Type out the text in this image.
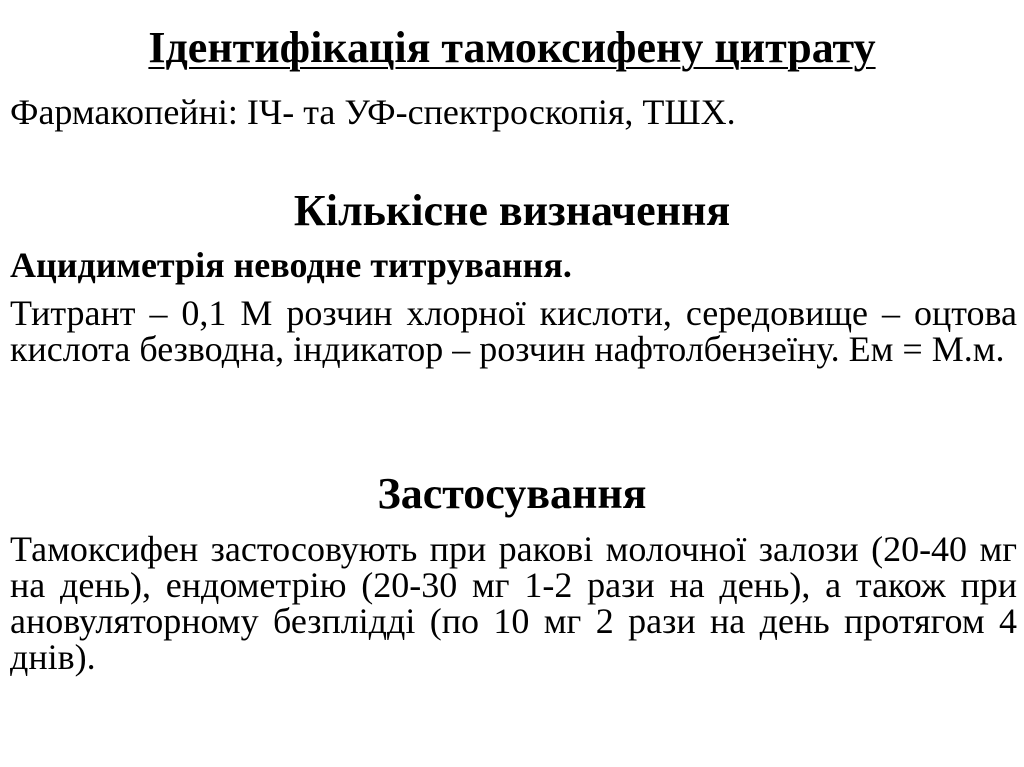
Ідентифікація тамоксифену цитрату

Фармакопейні: ІЧ- та УФ-спектроскопія, ТШХ.

Кількісне визначення

Ацидиметрія неводне титрування.

Титрант – 0,1 М розчин хлорної кислоти, середовище – оцтова кислота безводна, індикатор – розчин нафтолбензеїну. Ем = М.м.

Застосування

Тамоксифен застосовують при ракові молочної залози (20-40 мг на день), ендометрію (20-30 мг 1-2 рази на день), а також при ановуляторному безплідді (по 10 мг 2 рази на день протягом 4 днів).
